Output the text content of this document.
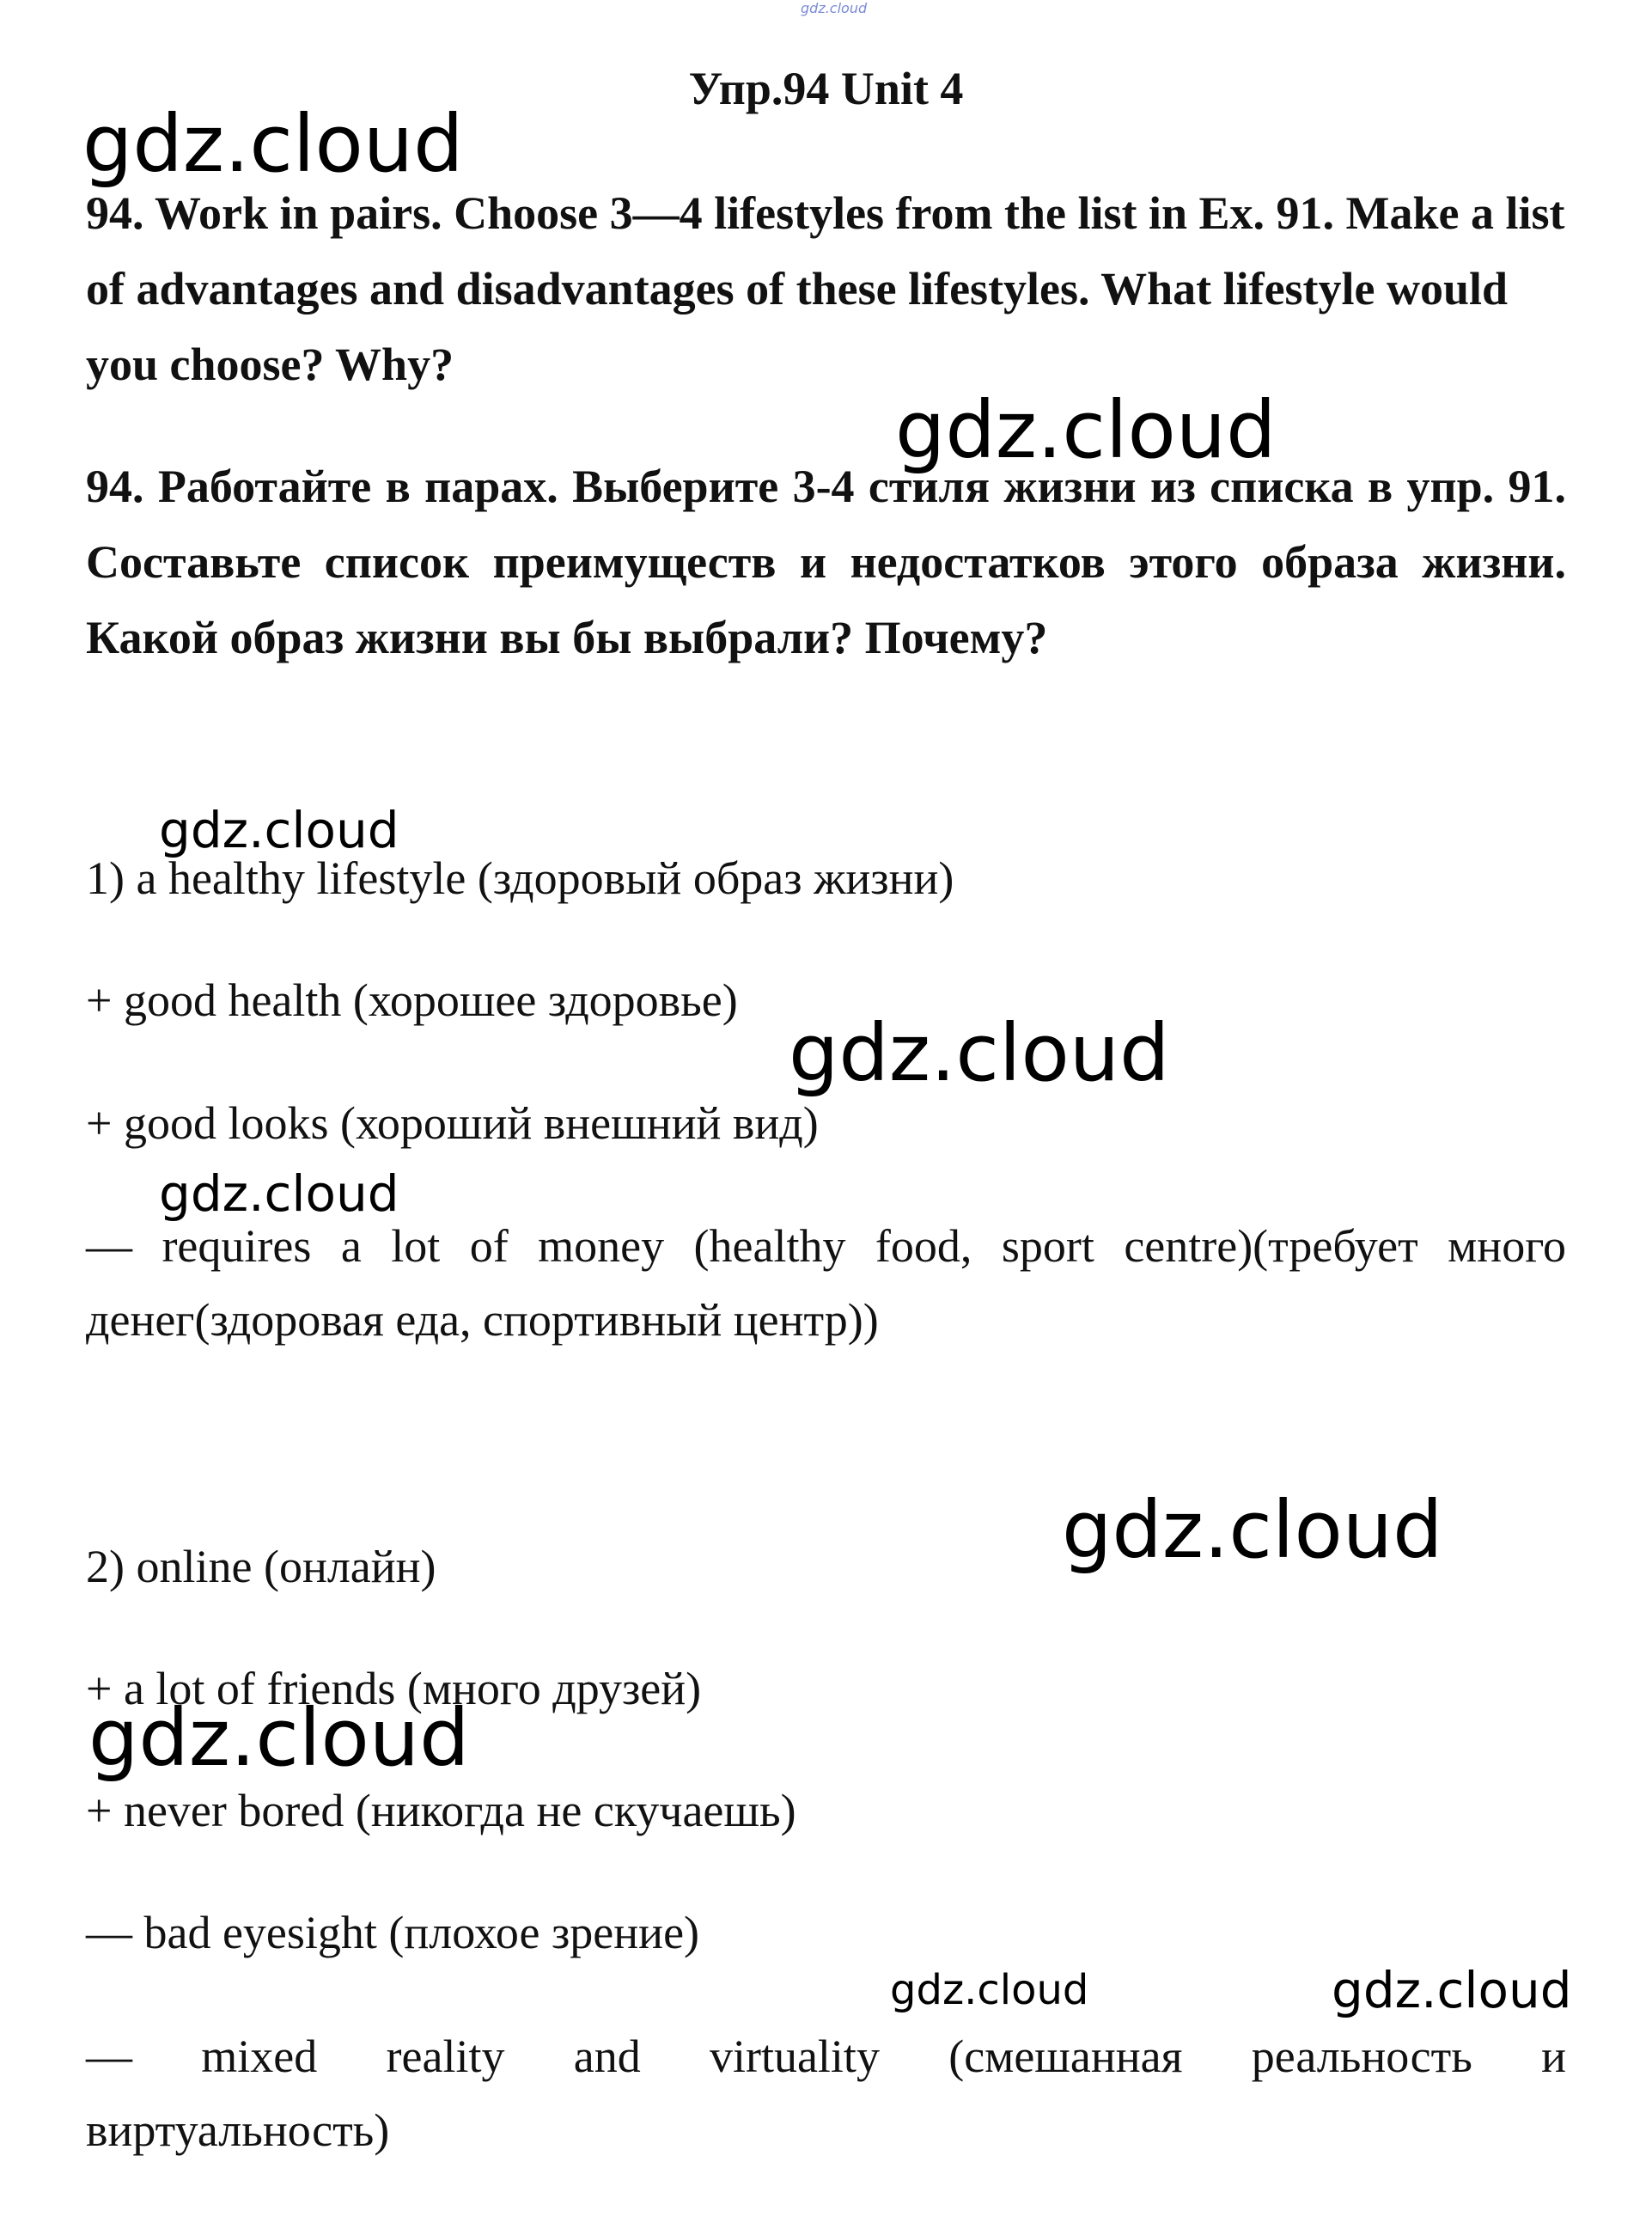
gdz.cloud
gdz.cloud
gdz.cloud
gdz.cloud
gdz.cloud
gdz.cloud
gdz.cloud
gdz.cloud
gdz.cloud	gdz.cloud
Упр.94 Unit 4
94. Work in pairs. Choose 3—4 lifestyles from the list in Ex. 91. Make a list of advantages and disadvantages of these lifestyles. What lifestyle would you choose? Why?
94. Работайте в парах. Выберите 3-4 стиля жизни из списка в упр. 91. Составьте список преимуществ и недостатков этого образа жизни. Какой образ жизни вы бы выбрали? Почему?
1) a healthy lifestyle (здоровый образ жизни)
+ good health (хорошее здоровье)
+ good looks (хороший внешний вид)
— requires a lot of money (healthy food, sport centre)(требует много денег(здоровая еда, спортивный центр))
2) online (онлайн)
+ a lot of friends (много друзей)
+ never bored (никогда не скучаешь)
— bad eyesight (плохое зрение)
— mixed reality and virtuality (смешанная реальность и виртуальность)
